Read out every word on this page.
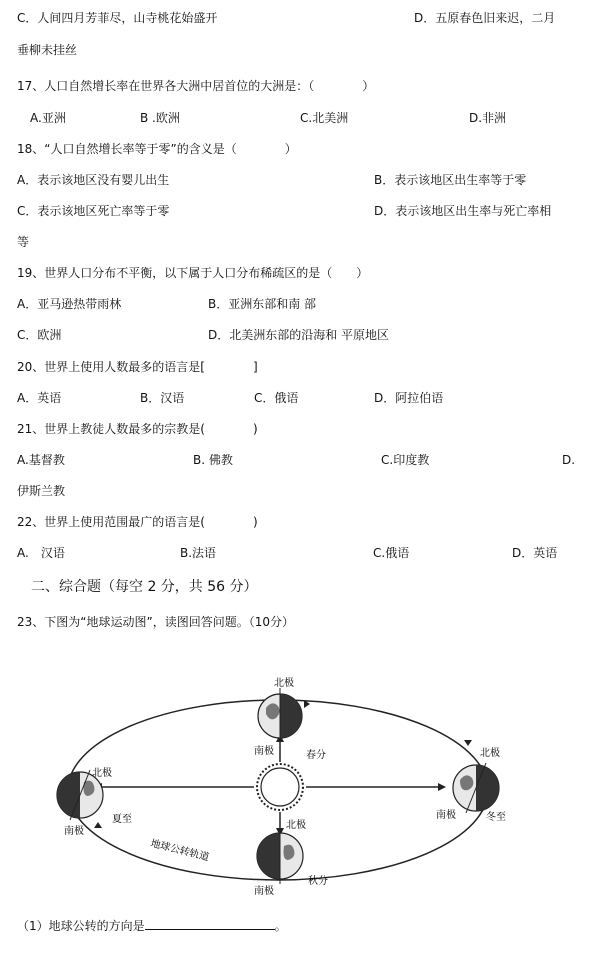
C．人间四月芳菲尽，山寺桃花始盛开	D．五原春色旧来迟，二月
垂柳未挂丝
17、人口自然增长率在世界各大洲中居首位的大洲是：（　　　　）
A.亚洲	B .欧洲	C.北美洲	D.非洲
18、“人口自然增长率等于零”的含义是（　　　　）
A．表示该地区没有婴儿出生	B．表示该地区出生率等于零
C．表示该地区死亡率等于零	D．表示该地区出生率与死亡率相
等
19、世界人口分布不平衡，以下属于人口分布稀疏区的是（　　）
A．亚马逊热带雨林	B．亚洲东部和南 部
C．欧洲	D．北美洲东部的沿海和 平原地区
20、世界上使用人数最多的语言是[　　　　]
A．英语	B．汉语	C．俄语	D．阿拉伯语
21、世界上教徒人数最多的宗教是(　　　　)
A.基督教	B. 佛教	C.印度教	D.
伊斯兰教
22、世界上使用范围最广的语言是(　　　　)
A.　汉语	B.法语	C.俄语	D．英语
二、综合题（每空 2 分，共 56 分）
23、下图为“地球运动图”，读图回答问题。（10分）
北极
南极	春分
北极
南极
夏至
北极
南极	冬至
北极
南极
秋分
地球公转轨道
（1）地球公转的方向是	。
